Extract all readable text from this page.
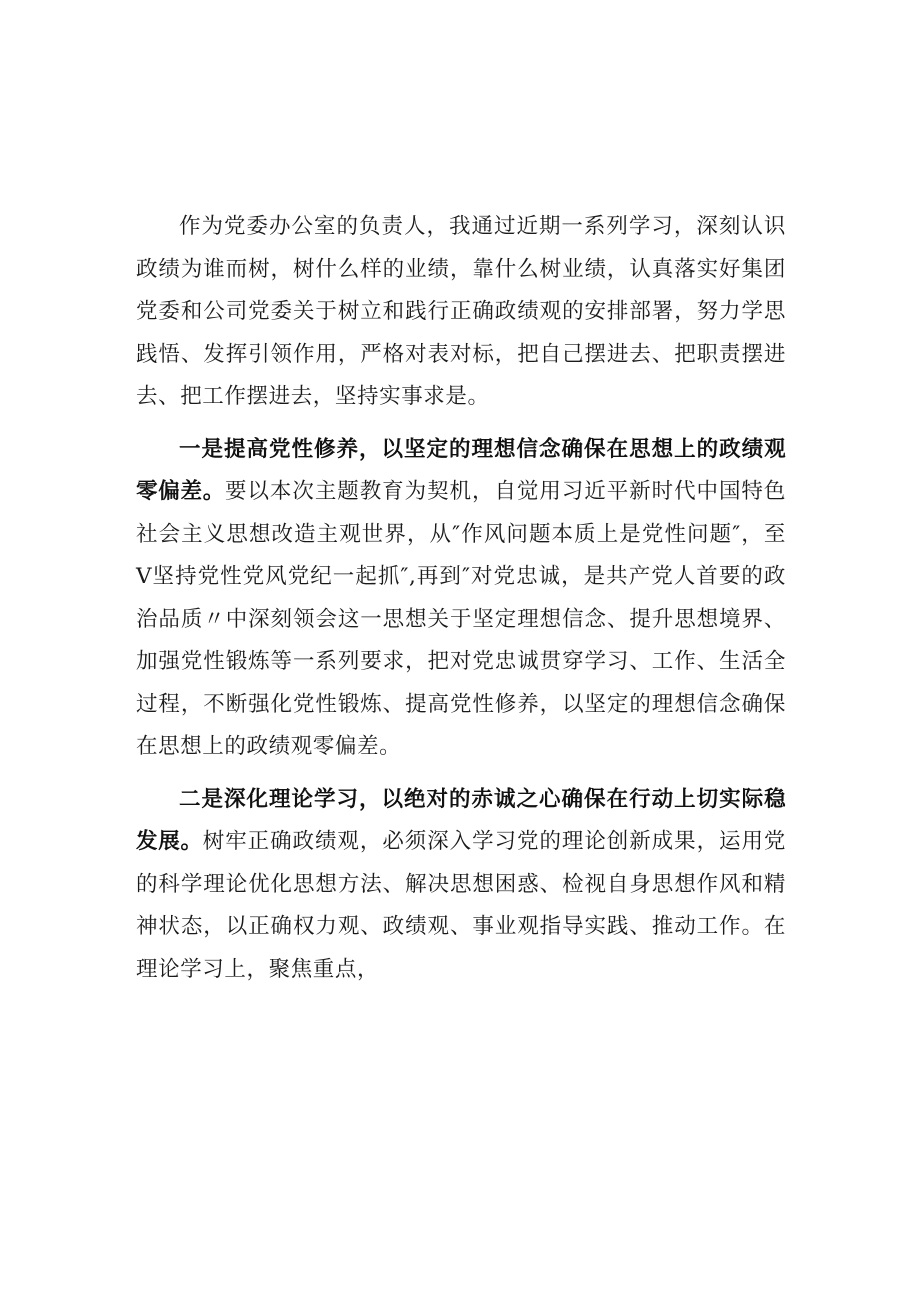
作为党委办公室的负责人，我通过近期一系列学习，深刻认识政绩为谁而树，树什么样的业绩，靠什么树业绩，认真落实好集团党委和公司党委关于树立和践行正确政绩观的安排部署，努力学思践悟、发挥引领作用，严格对表对标，把自己摆进去、把职责摆进去、把工作摆进去，坚持实事求是。

一是提高党性修养，以坚定的理想信念确保在思想上的政绩观零偏差。要以本次主题教育为契机，自觉用习近平新时代中国特色社会主义思想改造主观世界，从″作风问题本质上是党性问题″，至V坚持党性党风党纪一起抓″,再到″对党忠诚，是共产党人首要的政治品质〃中深刻领会这一思想关于坚定理想信念、提升思想境界、加强党性锻炼等一系列要求，把对党忠诚贯穿学习、工作、生活全过程，不断强化党性锻炼、提高党性修养，以坚定的理想信念确保在思想上的政绩观零偏差。

二是深化理论学习，以绝对的赤诚之心确保在行动上切实际稳发展。树牢正确政绩观，必须深入学习党的理论创新成果，运用党的科学理论优化思想方法、解决思想困惑、检视自身思想作风和精神状态，以正确权力观、政绩观、事业观指导实践、推动工作。在理论学习上，聚焦重点，
